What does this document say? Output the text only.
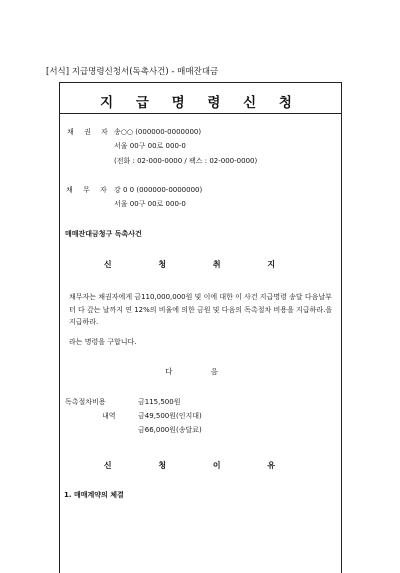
[서식] 지급명령신청서(독촉사건) - 매매잔대금
지 급 명 령 신 청
채 권 자 송○○ (000000-0000000)
서울 00구 00로 000-0
(전화 : 02-000-0000 / 팩스 : 02-000-0000)
채 무 자 강 0 0 (000000-0000000)
서울 00구 00로 000-0
매매잔대금청구 독촉사건
신 청 취 지
채무자는 채권자에게 금110,000,000원 및 이에 대한 이 사건 지급명령 송달 다음날부터 다 갚는 날까지 연 12%의 비율에 의한 금원 및 다음의 독촉절차 비용을 지급하라.을 지급하라.
라는 명령을 구합니다.
다 음
독촉절차비용	금115,500원
내역	금49,500원(인지대)
금66,000원(송달료)
신 청 이 유
1. 매매계약의 체결
